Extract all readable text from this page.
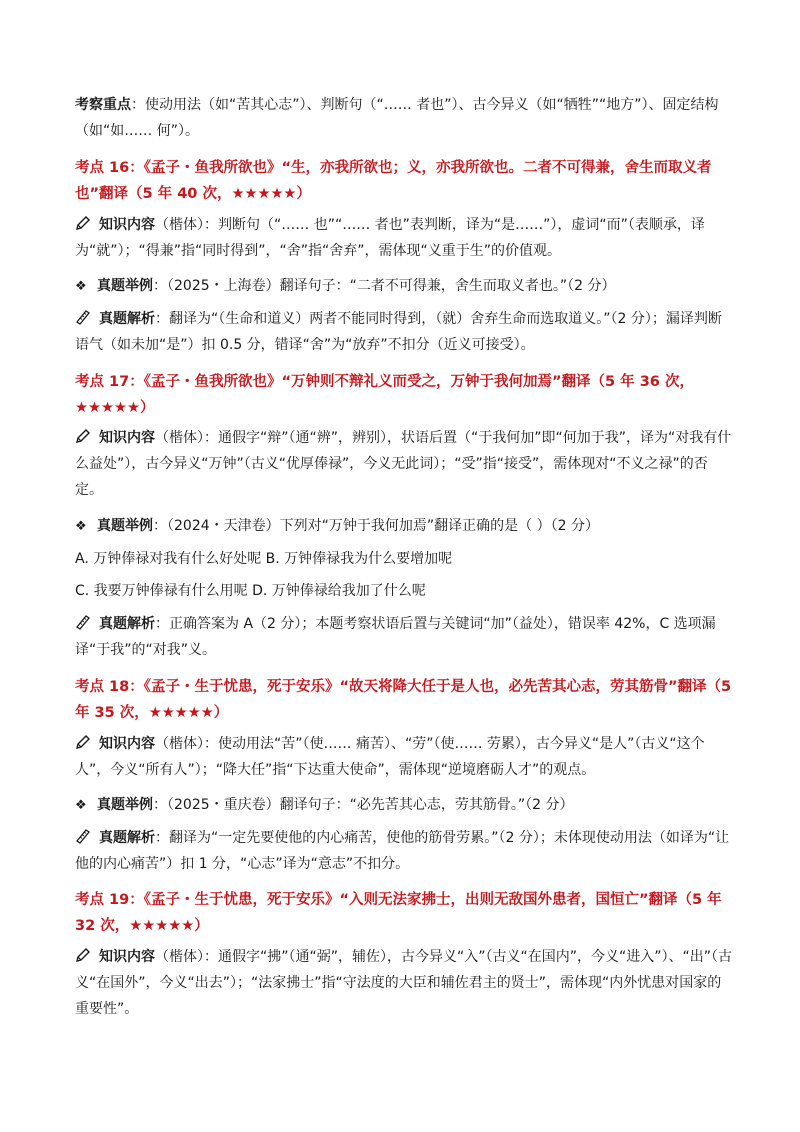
考察重点：使动用法（如“苦其心志”）、判断句（“…… 者也”）、古今异义（如“牺牲”“地方”）、固定结构（如“如…… 何”）。

考点 16：《孟子・鱼我所欲也》“生，亦我所欲也；义，亦我所欲也。二者不可得兼，舍生而取义者也”翻译（5 年 40 次，★★★★★）

知识内容（楷体）：判断句（“…… 也”“…… 者也”表判断，译为“是……”），虚词“而”（表顺承，译为“就”）；“得兼”指“同时得到”，“舍”指“舍弃”，需体现“义重于生”的价值观。

❖ 真题举例：（2025・上海卷）翻译句子：“二者不可得兼，舍生而取义者也。”（2 分）

真题解析：翻译为“（生命和道义）两者不能同时得到，（就）舍弃生命而选取道义。”（2 分）；漏译判断语气（如未加“是”）扣 0.5 分，错译“舍”为“放弃”不扣分（近义可接受）。

考点 17：《孟子・鱼我所欲也》“万钟则不辩礼义而受之，万钟于我何加焉”翻译（5 年 36 次，★★★★★）

知识内容（楷体）：通假字“辩”（通“辨”，辨别），状语后置（“于我何加”即“何加于我”，译为“对我有什么益处”），古今异义“万钟”（古义“优厚俸禄”，今义无此词）；“受”指“接受”，需体现对“不义之禄”的否定。

❖ 真题举例：（2024・天津卷）下列对“万钟于我何加焉”翻译正确的是（ ）（2 分）

A. 万钟俸禄对我有什么好处呢 B. 万钟俸禄我为什么要增加呢

C. 我要万钟俸禄有什么用呢 D. 万钟俸禄给我加了什么呢

真题解析：正确答案为 A（2 分）；本题考察状语后置与关键词“加”（益处），错误率 42%，C 选项漏译“于我”的“对我”义。

考点 18：《孟子・生于忧患，死于安乐》“故天将降大任于是人也，必先苦其心志，劳其筋骨”翻译（5 年 35 次，★★★★★）

知识内容（楷体）：使动用法“苦”（使…… 痛苦）、“劳”（使…… 劳累），古今异义“是人”（古义“这个人”，今义“所有人”）；“降大任”指“下达重大使命”，需体现“逆境磨砺人才”的观点。

❖ 真题举例：（2025・重庆卷）翻译句子：“必先苦其心志，劳其筋骨。”（2 分）

真题解析：翻译为“一定先要使他的内心痛苦，使他的筋骨劳累。”（2 分）；未体现使动用法（如译为“让他的内心痛苦”）扣 1 分，“心志”译为“意志”不扣分。

考点 19：《孟子・生于忧患，死于安乐》“入则无法家拂士，出则无敌国外患者，国恒亡”翻译（5 年 32 次，★★★★★）

知识内容（楷体）：通假字“拂”（通“弼”，辅佐），古今异义“入”（古义“在国内”，今义“进入”）、“出”（古义“在国外”，今义“出去”）；“法家拂士”指“守法度的大臣和辅佐君主的贤士”，需体现“内外忧患对国家的重要性”。
